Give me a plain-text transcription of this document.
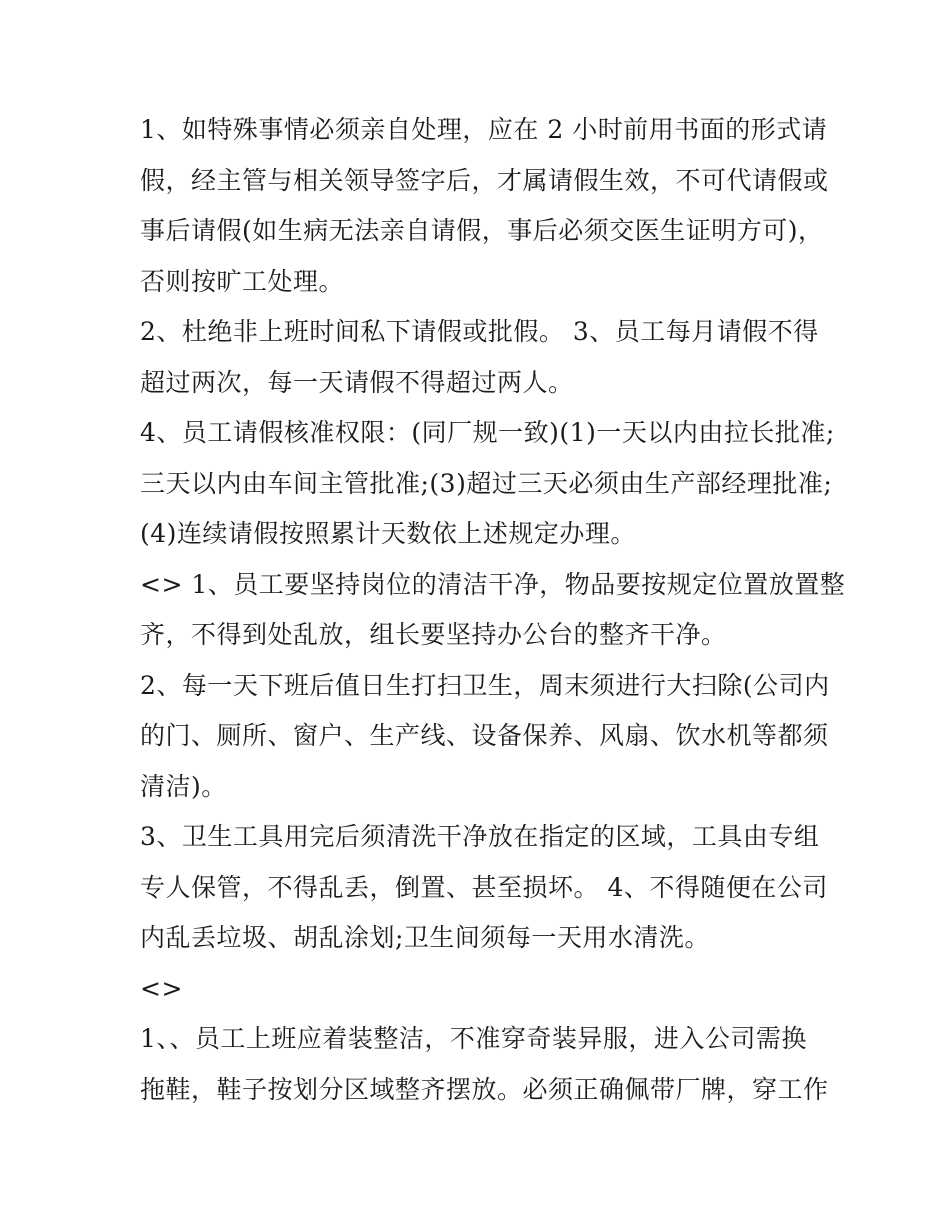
1、如特殊事情必须亲自处理，应在 2 小时前用书面的形式请
假，经主管与相关领导签字后，才属请假生效，不可代请假或
事后请假(如生病无法亲自请假，事后必须交医生证明方可)，
否则按旷工处理。
2、杜绝非上班时间私下请假或批假。 3、员工每月请假不得
超过两次，每一天请假不得超过两人。
4、员工请假核准权限：(同厂规一致)(1)一天以内由拉长批准;
三天以内由车间主管批准;(3)超过三天必须由生产部经理批准;
(4)连续请假按照累计天数依上述规定办理。
<> 1、员工要坚持岗位的清洁干净，物品要按规定位置放置整
齐，不得到处乱放，组长要坚持办公台的整齐干净。
2、每一天下班后值日生打扫卫生，周末须进行大扫除(公司内
的门、厕所、窗户、生产线、设备保养、风扇、饮水机等都须
清洁)。
3、卫生工具用完后须清洗干净放在指定的区域，工具由专组
专人保管，不得乱丢，倒置、甚至损坏。 4、不得随便在公司
内乱丢垃圾、胡乱涂划;卫生间须每一天用水清洗。
<>
1、、员工上班应着装整洁，不准穿奇装异服，进入公司需换
拖鞋，鞋子按划分区域整齐摆放。必须正确佩带厂牌，穿工作
